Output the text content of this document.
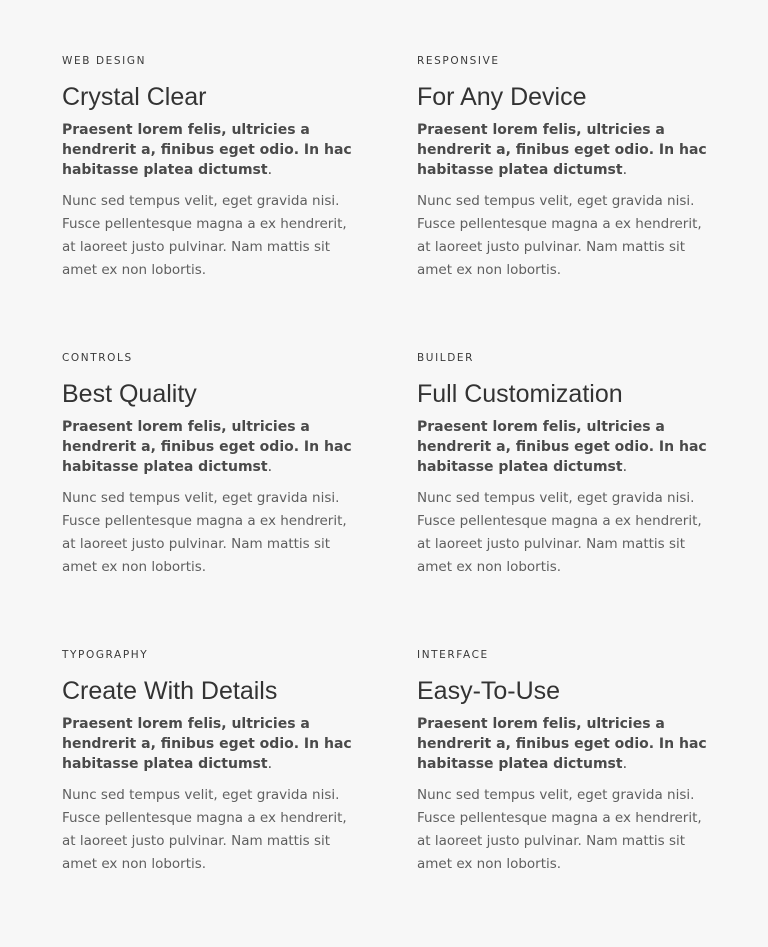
WEB DESIGN
Crystal Clear

Praesent lorem felis, ultricies a hendrerit a, finibus eget odio. In hac habitasse platea dictumst.

Nunc sed tempus velit, eget gravida nisi. Fusce pellentesque magna a ex hendrerit, at laoreet justo pulvinar. Nam mattis sit amet ex non lobortis.

RESPONSIVE
For Any Device

Praesent lorem felis, ultricies a hendrerit a, finibus eget odio. In hac habitasse platea dictumst.

Nunc sed tempus velit, eget gravida nisi. Fusce pellentesque magna a ex hendrerit, at laoreet justo pulvinar. Nam mattis sit amet ex non lobortis.

CONTROLS
Best Quality

Praesent lorem felis, ultricies a hendrerit a, finibus eget odio. In hac habitasse platea dictumst.

Nunc sed tempus velit, eget gravida nisi. Fusce pellentesque magna a ex hendrerit, at laoreet justo pulvinar. Nam mattis sit amet ex non lobortis.

BUILDER
Full Customization

Praesent lorem felis, ultricies a hendrerit a, finibus eget odio. In hac habitasse platea dictumst.

Nunc sed tempus velit, eget gravida nisi. Fusce pellentesque magna a ex hendrerit, at laoreet justo pulvinar. Nam mattis sit amet ex non lobortis.

TYPOGRAPHY
Create With Details

Praesent lorem felis, ultricies a hendrerit a, finibus eget odio. In hac habitasse platea dictumst.

Nunc sed tempus velit, eget gravida nisi. Fusce pellentesque magna a ex hendrerit, at laoreet justo pulvinar. Nam mattis sit amet ex non lobortis.

INTERFACE
Easy-To-Use

Praesent lorem felis, ultricies a hendrerit a, finibus eget odio. In hac habitasse platea dictumst.

Nunc sed tempus velit, eget gravida nisi. Fusce pellentesque magna a ex hendrerit, at laoreet justo pulvinar. Nam mattis sit amet ex non lobortis.
